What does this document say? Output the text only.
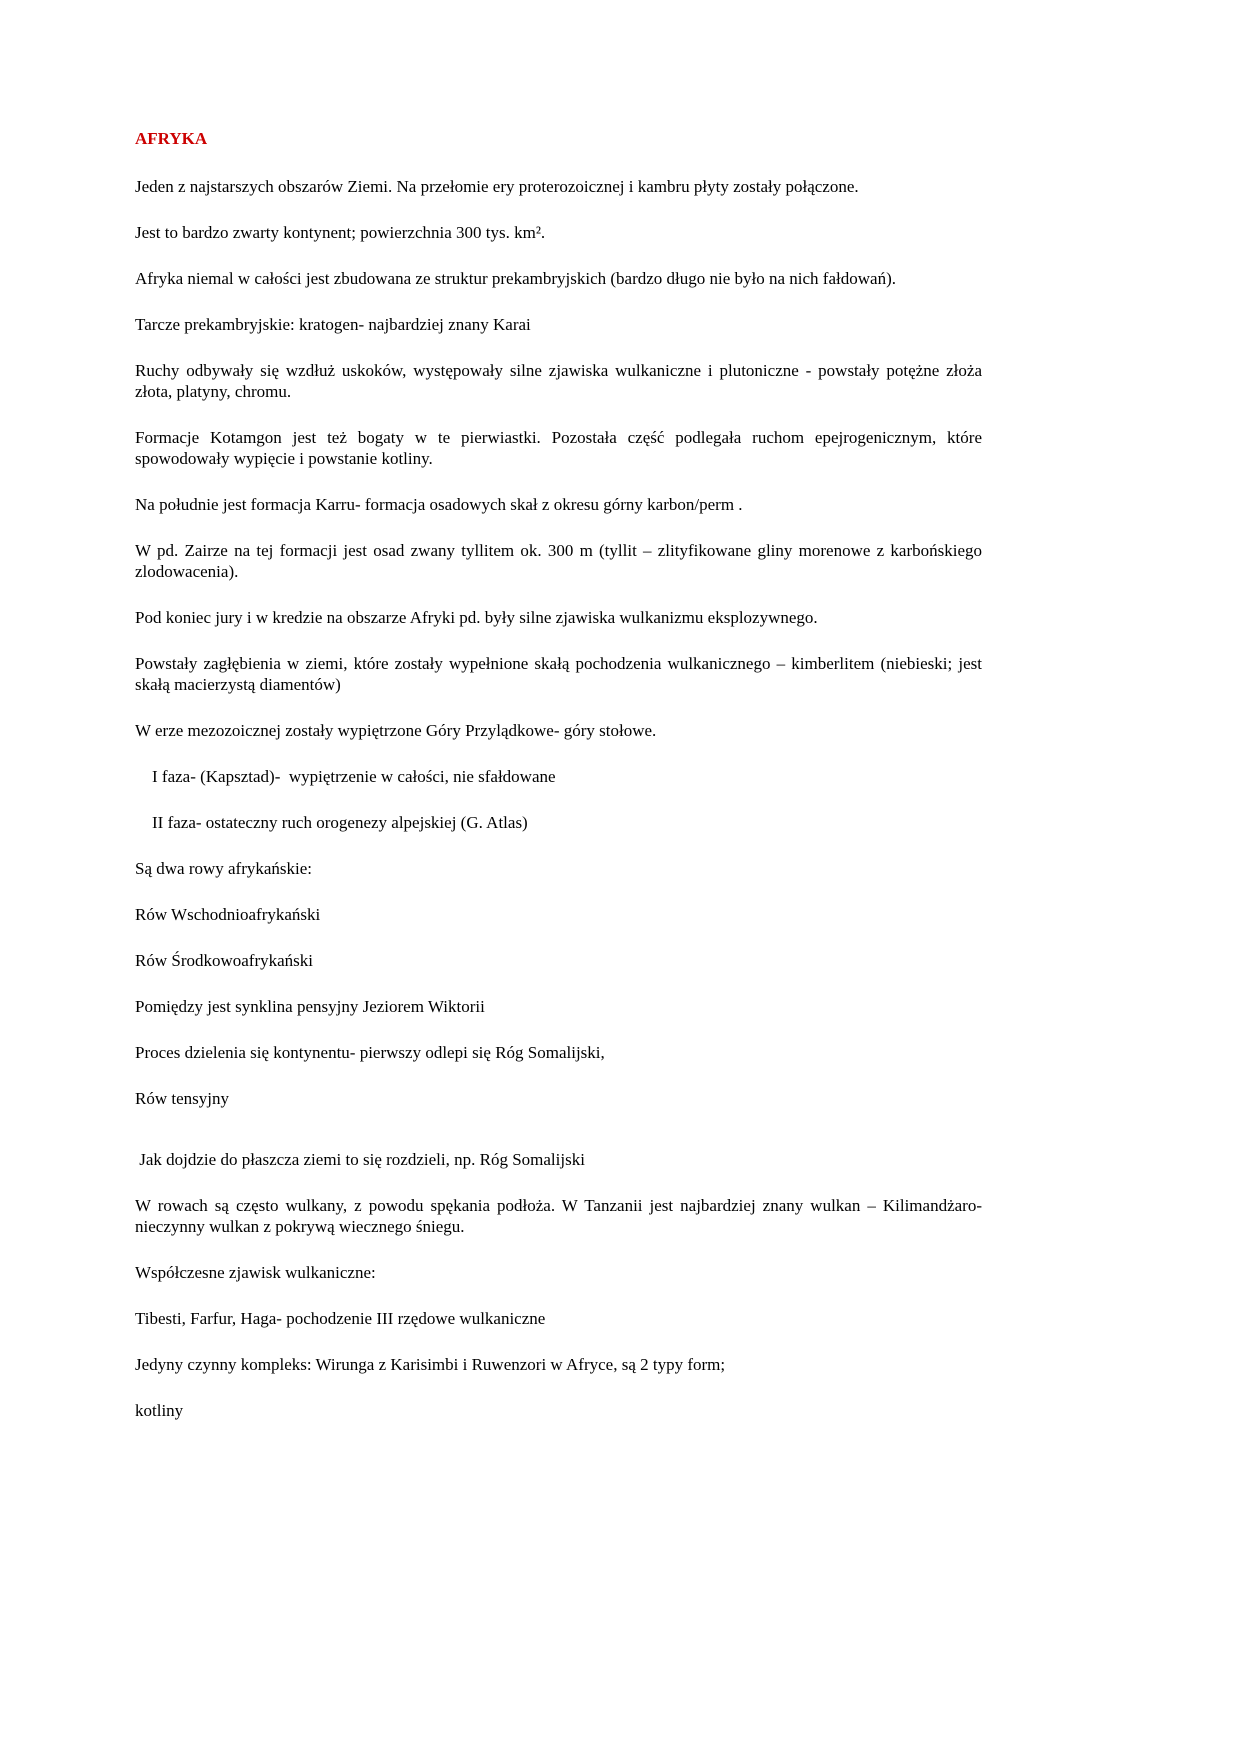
AFRYKA

Jeden z najstarszych obszarów Ziemi. Na przełomie ery proterozoicznej i kambru płyty zostały połączone.

Jest to bardzo zwarty kontynent; powierzchnia 300 tys. km².

Afryka niemal w całości jest zbudowana ze struktur prekambryjskich (bardzo długo nie było na nich fałdowań).

Tarcze prekambryjskie: kratogen- najbardziej znany Karai

Ruchy odbywały się wzdłuż uskoków, występowały silne zjawiska wulkaniczne i plutoniczne - powstały potężne złoża złota, platyny, chromu.

Formacje Kotamgon jest też bogaty w te pierwiastki. Pozostała część podlegała ruchom epejrogenicznym, które spowodowały wypięcie i powstanie kotliny.

Na południe jest formacja Karru- formacja osadowych skał z okresu górny karbon/perm .

W pd. Zairze na tej formacji jest osad zwany tyllitem ok. 300 m (tyllit – zlityfikowane gliny morenowe z karbońskiego zlodowacenia).

Pod koniec jury i w kredzie na obszarze Afryki pd. były silne zjawiska wulkanizmu eksplozywnego.

Powstały zagłębienia w ziemi, które zostały wypełnione skałą pochodzenia wulkanicznego – kimberlitem (niebieski; jest skałą macierzystą diamentów)

W erze mezozoicznej zostały wypiętrzone Góry Przylądkowe- góry stołowe.

I faza- (Kapsztad)-  wypiętrzenie w całości, nie sfałdowane

II faza- ostateczny ruch orogenezy alpejskiej (G. Atlas)

Są dwa rowy afrykańskie:

Rów Wschodnioafrykański

Rów Środkowoafrykański

Pomiędzy jest synklina pensyjny Jeziorem Wiktorii

Proces dzielenia się kontynentu- pierwszy odlepi się Róg Somalijski,

Rów tensyjny

Jak dojdzie do płaszcza ziemi to się rozdzieli, np. Róg Somalijski

W rowach są często wulkany, z powodu spękania podłoża. W Tanzanii jest najbardziej znany wulkan – Kilimandżaro- nieczynny wulkan z pokrywą wiecznego śniegu.

Współczesne zjawisk wulkaniczne:

Tibesti, Farfur, Haga- pochodzenie III rzędowe wulkaniczne

Jedyny czynny kompleks: Wirunga z Karisimbi i Ruwenzori w Afryce, są 2 typy form;

kotliny
